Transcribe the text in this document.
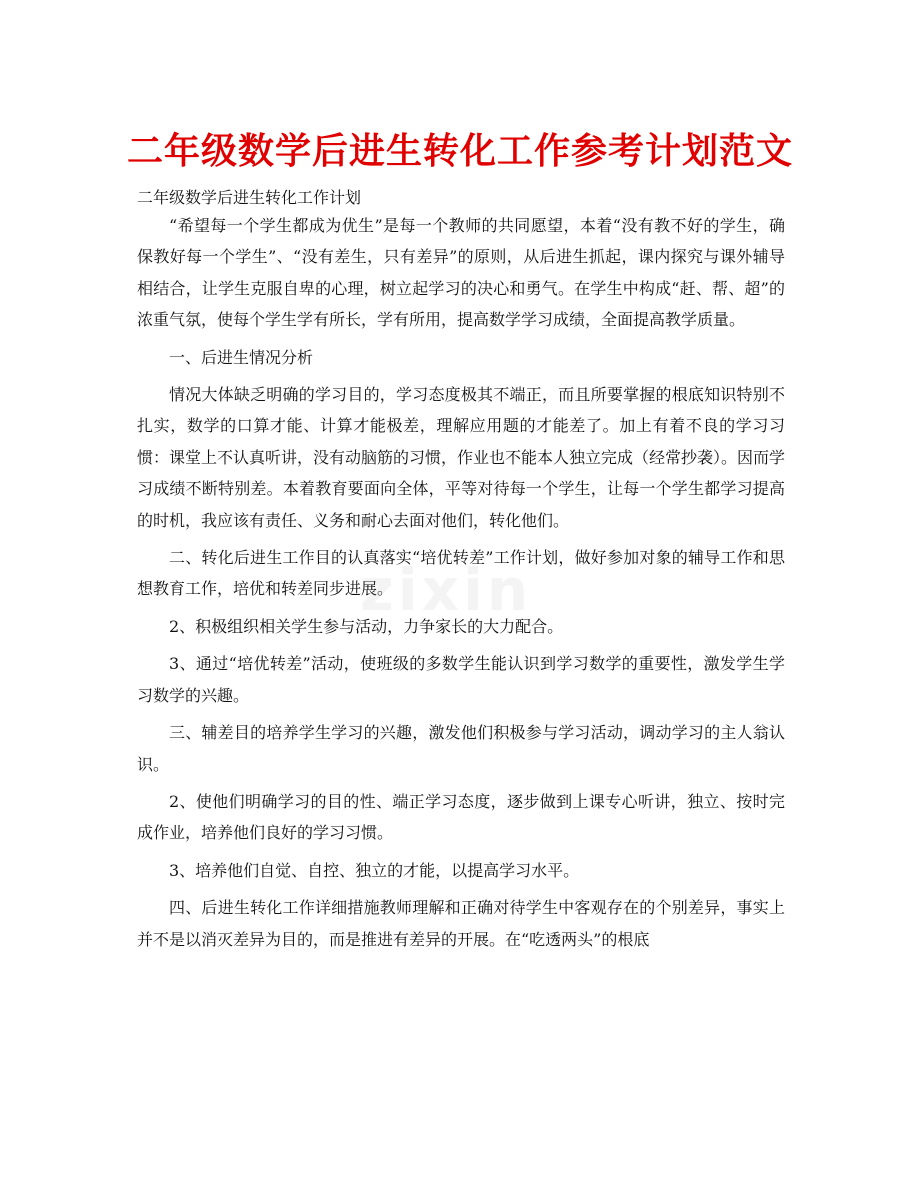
二年级数学后进生转化工作参考计划范文
二年级数学后进生转化工作计划

“希望每一个学生都成为优生”是每一个教师的共同愿望，本着“没有教不好的学生，确保教好每一个学生”、“没有差生，只有差异”的原则，从后进生抓起，课内探究与课外辅导相结合，让学生克服自卑的心理，树立起学习的决心和勇气。在学生中构成“赶、帮、超”的浓重气氛，使每个学生学有所长，学有所用，提高数学学习成绩，全面提高教学质量。

一、后进生情况分析

情况大体缺乏明确的学习目的，学习态度极其不端正，而且所要掌握的根底知识特别不扎实，数学的口算才能、计算才能极差，理解应用题的才能差了。加上有着不良的学习习惯：课堂上不认真听讲，没有动脑筋的习惯，作业也不能本人独立完成（经常抄袭）。因而学习成绩不断特别差。本着教育要面向全体，平等对待每一个学生，让每一个学生都学习提高的时机，我应该有责任、义务和耐心去面对他们，转化他们。

二、转化后进生工作目的认真落实“培优转差”工作计划，做好参加对象的辅导工作和思想教育工作，培优和转差同步进展。

2、积极组织相关学生参与活动，力争家长的大力配合。

3、通过“培优转差”活动，使班级的多数学生能认识到学习数学的重要性，激发学生学习数学的兴趣。

三、辅差目的培养学生学习的兴趣，激发他们积极参与学习活动，调动学习的主人翁认识。

2、使他们明确学习的目的性、端正学习态度，逐步做到上课专心听讲，独立、按时完成作业，培养他们良好的学习习惯。

3、培养他们自觉、自控、独立的才能，以提高学习水平。

四、后进生转化工作详细措施教师理解和正确对待学生中客观存在的个别差异，事实上并不是以消灭差异为目的，而是推进有差异的开展。在“吃透两头”的根底

zixin
